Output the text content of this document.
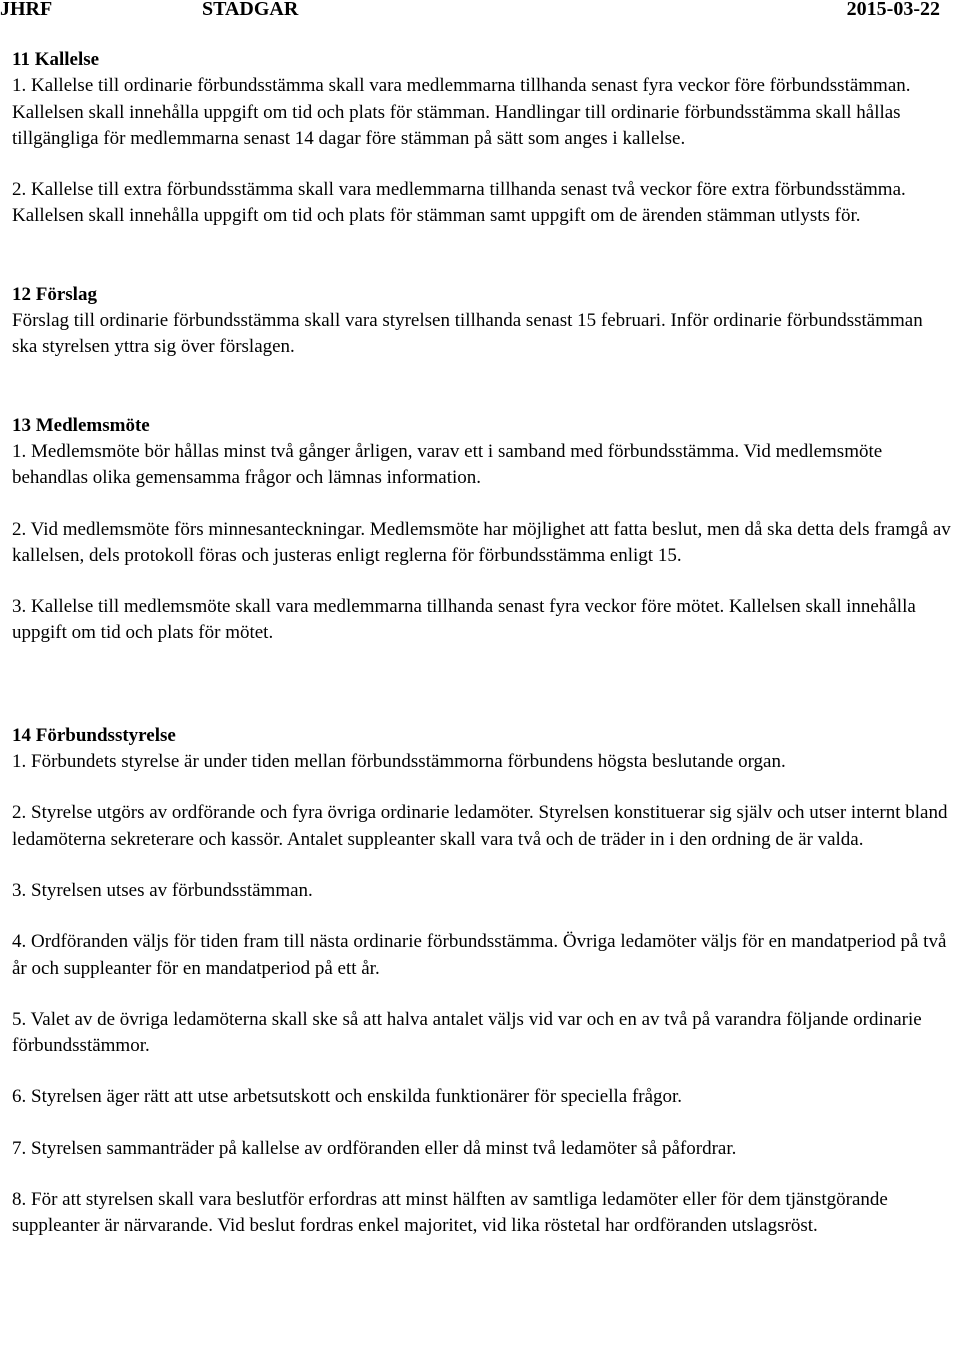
JHRF	STADGAR	2015-03-22

11 Kallelse

1. Kallelse till ordinarie förbundsstämma skall vara medlemmarna tillhanda senast fyra veckor före förbundsstämman. Kallelsen skall innehålla uppgift om tid och plats för stämman. Handlingar till ordinarie förbundsstämma skall hållas tillgängliga för medlemmarna senast 14 dagar före stämman på sätt som anges i kallelse.

2. Kallelse till extra förbundsstämma skall vara medlemmarna tillhanda senast två veckor före extra förbundsstämma. Kallelsen skall innehålla uppgift om tid och plats för stämman samt uppgift om de ärenden stämman utlysts för.

12 Förslag

Förslag till ordinarie förbundsstämma skall vara styrelsen tillhanda senast 15 februari. Inför ordinarie förbundsstämman ska styrelsen yttra sig över förslagen.

13 Medlemsmöte

1. Medlemsmöte bör hållas minst två gånger årligen, varav ett i samband med förbundsstämma. Vid medlemsmöte behandlas olika gemensamma frågor och lämnas information.

2. Vid medlemsmöte förs minnesanteckningar. Medlemsmöte har möjlighet att fatta beslut, men då ska detta dels framgå av kallelsen, dels protokoll föras och justeras enligt reglerna för förbundsstämma enligt 15.

3. Kallelse till medlemsmöte skall vara medlemmarna tillhanda senast fyra veckor före mötet. Kallelsen skall innehålla uppgift om tid och plats för mötet.

14 Förbundsstyrelse

1. Förbundets styrelse är under tiden mellan förbundsstämmorna förbundens högsta beslutande organ.

2. Styrelse utgörs av ordförande och fyra övriga ordinarie ledamöter. Styrelsen konstituerar sig själv och utser internt bland ledamöterna sekreterare och kassör. Antalet suppleanter skall vara två och de träder in i den ordning de är valda.

3. Styrelsen utses av förbundsstämman.

4. Ordföranden väljs för tiden fram till nästa ordinarie förbundsstämma. Övriga ledamöter väljs för en mandatperiod på två år och suppleanter för en mandatperiod på ett år.

5. Valet av de övriga ledamöterna skall ske så att halva antalet väljs vid var och en av två på varandra följande ordinarie förbundsstämmor.

6. Styrelsen äger rätt att utse arbetsutskott och enskilda funktionärer för speciella frågor.

7. Styrelsen sammanträder på kallelse av ordföranden eller då minst två ledamöter så påfordrar.

8. För att styrelsen skall vara beslutför erfordras att minst hälften av samtliga ledamöter eller för dem tjänstgörande suppleanter är närvarande. Vid beslut fordras enkel majoritet, vid lika röstetal har ordföranden utslagsröst.
